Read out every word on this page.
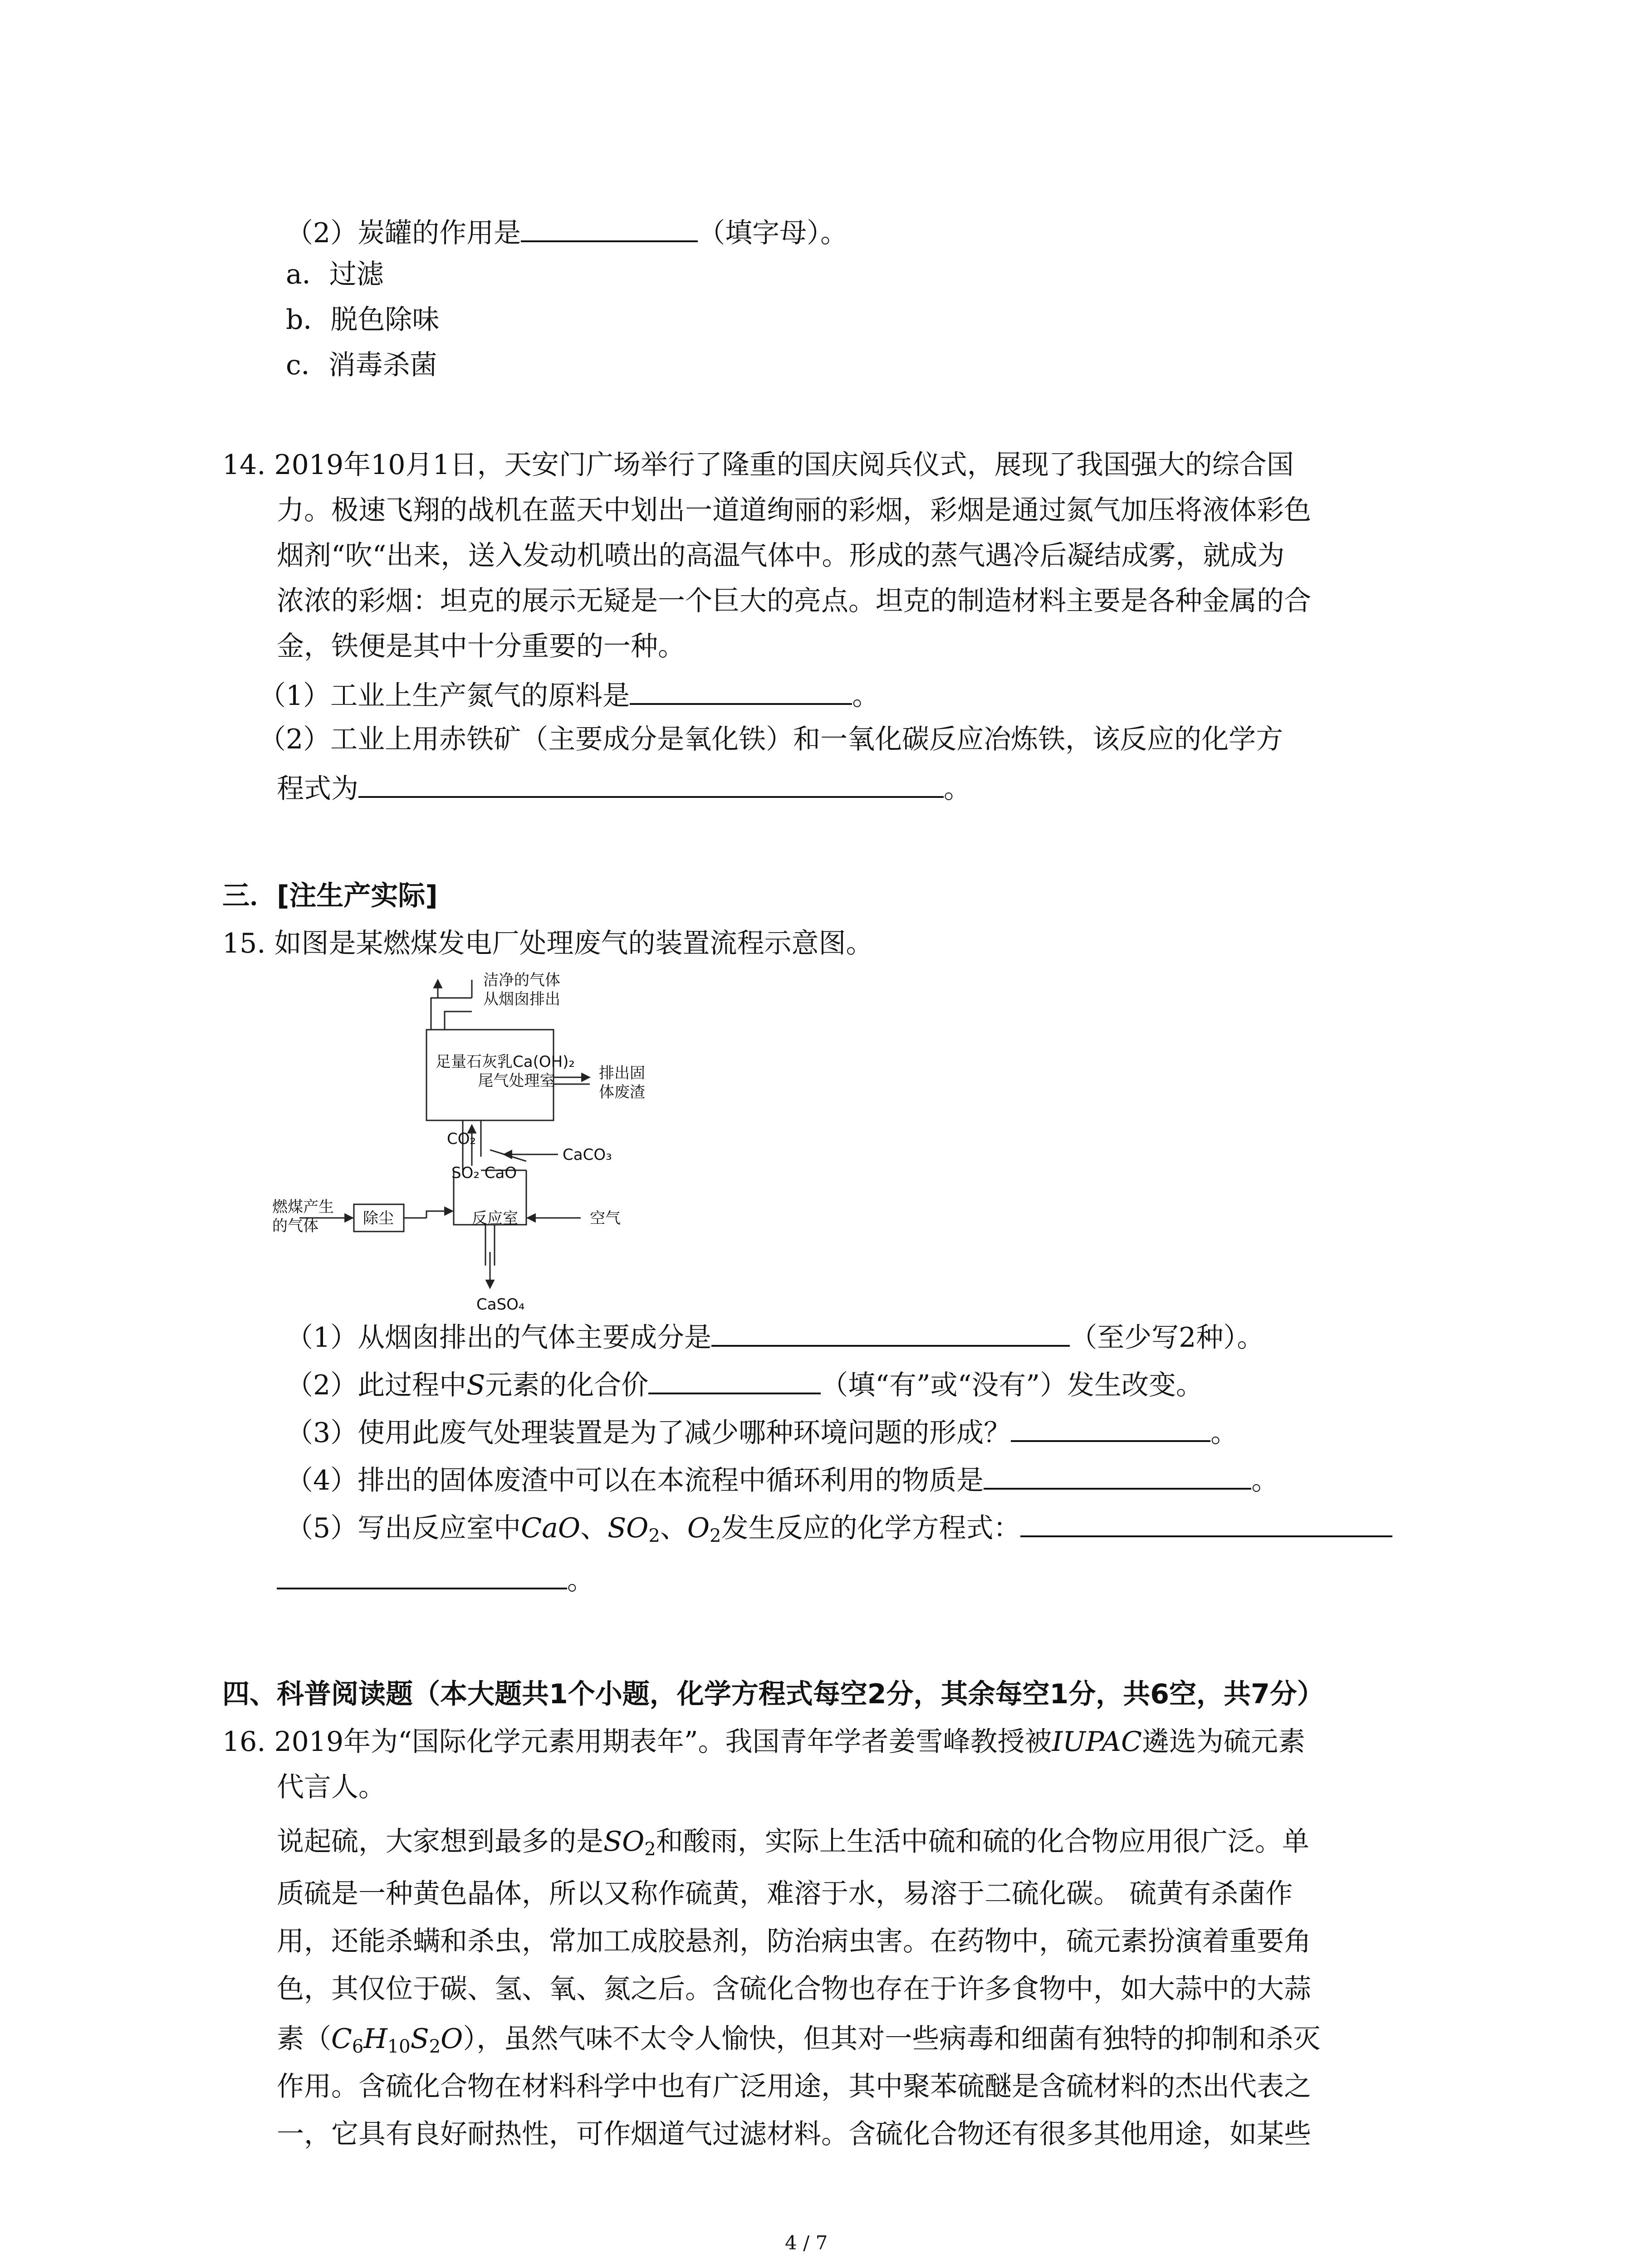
（2）炭罐的作用是	（填字母）。
a．过滤
b．脱色除味
c．消毒杀菌
14. 2019年10月1日，天安门广场举行了隆重的国庆阅兵仪式，展现了我国强大的综合国
力。极速飞翔的战机在蓝天中划出一道道绚丽的彩烟，彩烟是通过氮气加压将液体彩色
烟剂“吹“出来，送入发动机喷出的高温气体中。形成的蒸气遇冷后凝结成雾，就成为
浓浓的彩烟：坦克的展示无疑是一个巨大的亮点。坦克的制造材料主要是各种金属的合
金，铁便是其中十分重要的一种。
（1）工业上生产氮气的原料是	。
（2）工业上用赤铁矿（主要成分是氧化铁）和一氧化碳反应冶炼铁，该反应的化学方
程式为	。
三．[注生产实际]
15. 如图是某燃煤发电厂处理废气的装置流程示意图。
洁净的气体
从烟囱排出
足量石灰乳Ca(OH)₂
尾气处理室	排出固
体废渣
CO₂
CaCO₃
SO₂ CaO
燃煤产生
的气体	除尘	反应室	空气
CaSO₄
（1）从烟囱排出的气体主要成分是	（至少写2种）。
（2）此过程中S元素的化合价	（填“有”或“没有”）发生改变。
（3）使用此废气处理装置是为了减少哪种环境问题的形成？	。
（4）排出的固体废渣中可以在本流程中循环利用的物质是	。
（5）写出反应室中CaO、$SO_2$、$O_2$发生反应的化学方程式：
。
四、科普阅读题（本大题共1个小题，化学方程式每空2分，其余每空1分，共6空，共7分）
16. 2019年为“国际化学元素用期表年”。我国青年学者姜雪峰教授被IUPAC遴选为硫元素
代言人。
说起硫，大家想到最多的是$SO_2$和酸雨，实际上生活中硫和硫的化合物应用很广泛。单
质硫是一种黄色晶体，所以又称作硫黄，难溶于水，易溶于二硫化碳。 硫黄有杀菌作
用，还能杀螨和杀虫，常加工成胶悬剂，防治病虫害。在药物中，硫元素扮演着重要角
色，其仅位于碳、氢、氧、氮之后。含硫化合物也存在于许多食物中，如大蒜中的大蒜
素$(C_6H_{10}S_2O)$，虽然气味不太令人愉快，但其对一些病毒和细菌有独特的抑制和杀灭
作用。含硫化合物在材料科学中也有广泛用途，其中聚苯硫醚是含硫材料的杰出代表之
一，它具有良好耐热性，可作烟道气过滤材料。含硫化合物还有很多其他用途，如某些
4 / 7
